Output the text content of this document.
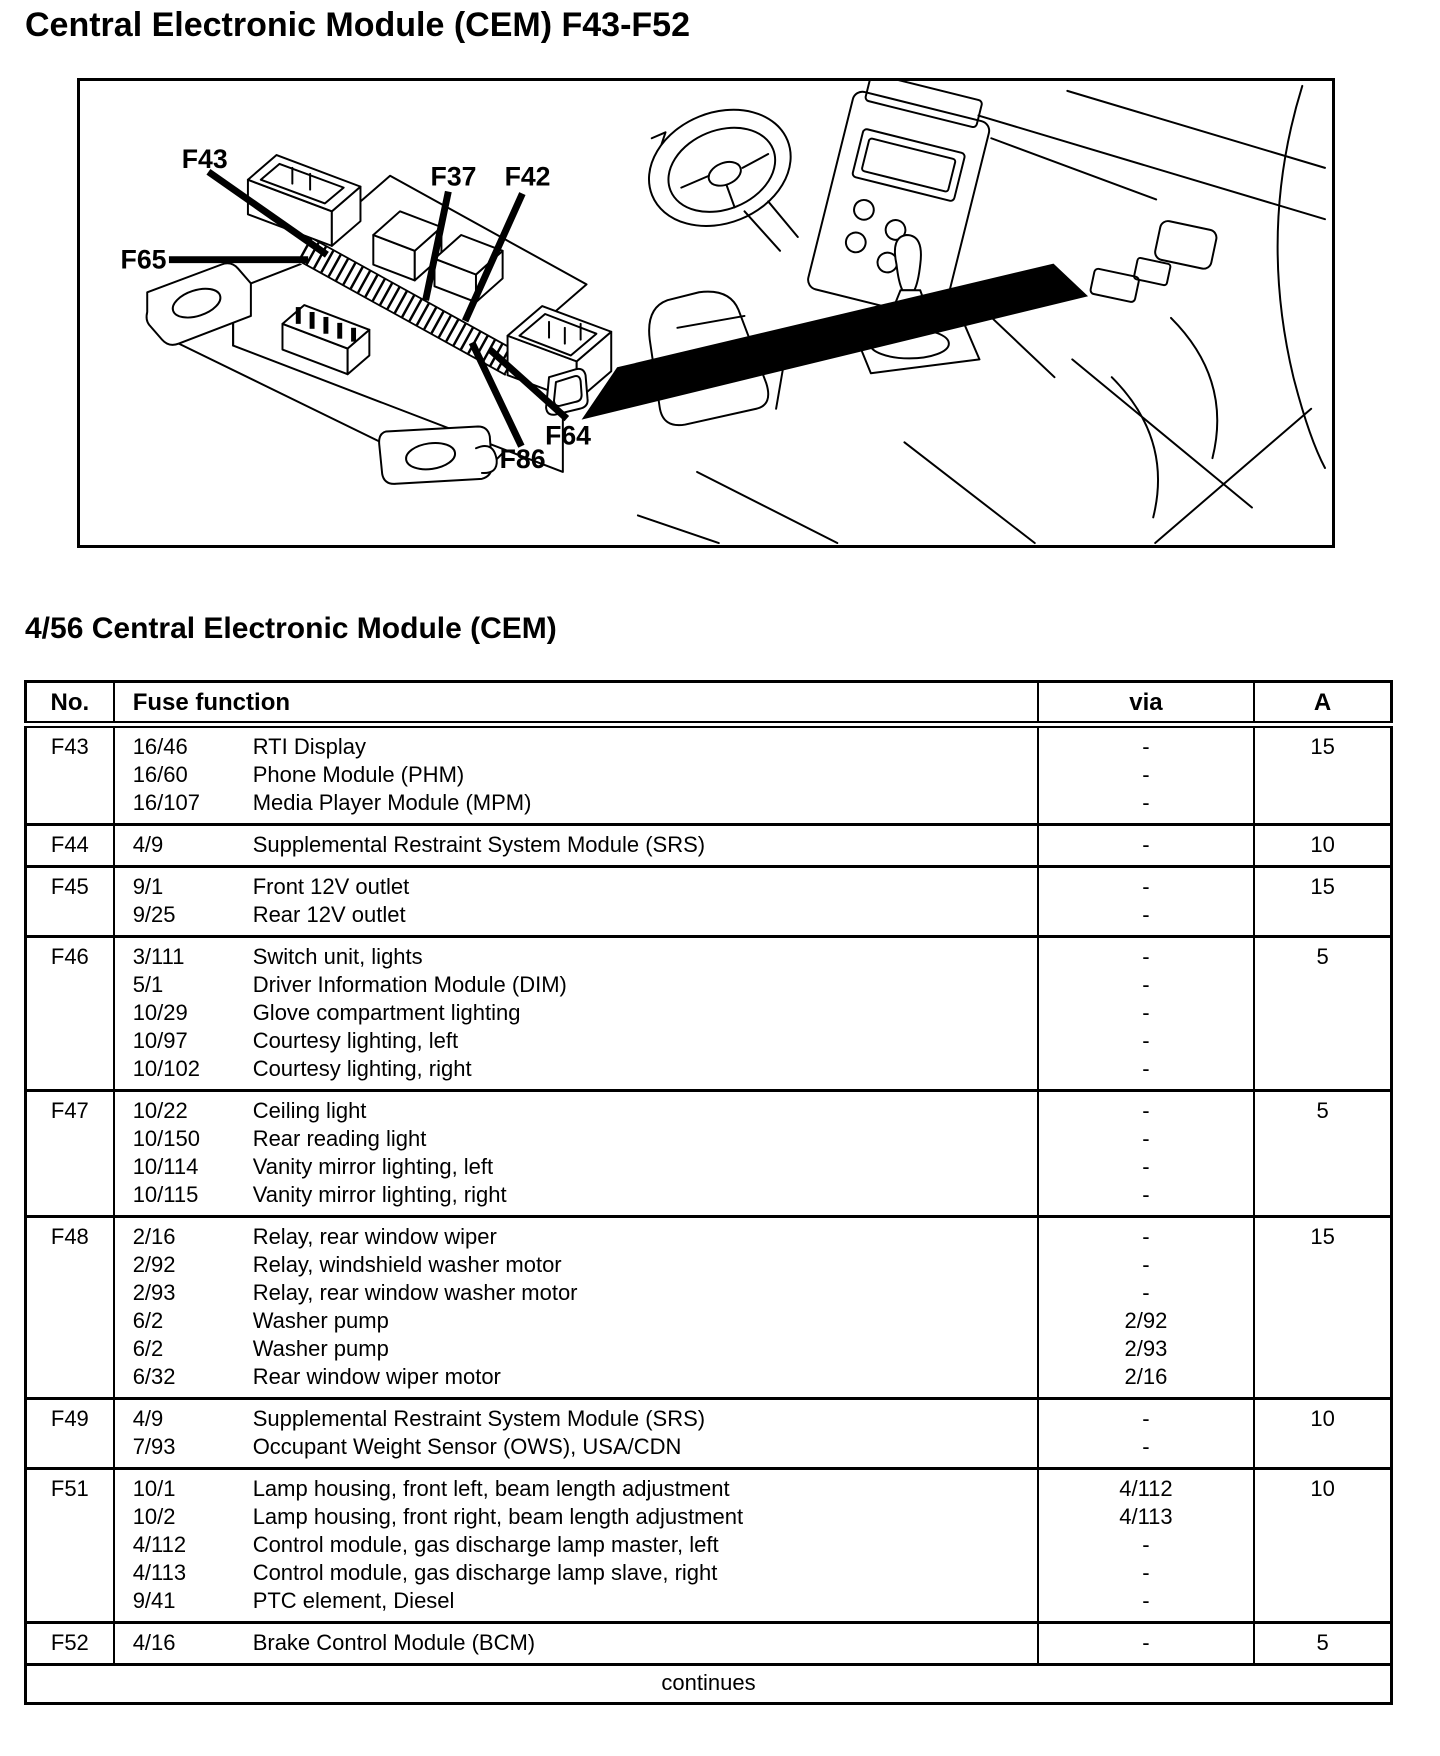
Central Electronic Module (CEM) F43-F52
F43
F37 F42
F65
F64
F86
4/56 Central Electronic Module (CEM)
No.	Fuse function	via	A
F43	16/46 RTI Display	-	15
	16/60 Phone Module (PHM)	-	
	16/107 Media Player Module (MPM)	-	
F44	4/9 Supplemental Restraint System Module (SRS)	-	10
F45	9/1 Front 12V outlet	-	15
	9/25 Rear 12V outlet	-	
F46	3/111 Switch unit, lights	-	5
	5/1 Driver Information Module (DIM)	-	
	10/29 Glove compartment lighting	-	
	10/97 Courtesy lighting, left	-	
	10/102 Courtesy lighting, right	-	
F47	10/22 Ceiling light	-	5
	10/150 Rear reading light	-	
	10/114 Vanity mirror lighting, left	-	
	10/115 Vanity mirror lighting, right	-	
F48	2/16 Relay, rear window wiper	-	15
	2/92 Relay, windshield washer motor	-	
	2/93 Relay, rear window washer motor	-	
	6/2 Washer pump	2/92	
	6/2 Washer pump	2/93	
	6/32 Rear window wiper motor	2/16	
F49	4/9 Supplemental Restraint System Module (SRS)	-	10
	7/93 Occupant Weight Sensor (OWS), USA/CDN	-	
F51	10/1 Lamp housing, front left, beam length adjustment	4/112	10
	10/2 Lamp housing, front right, beam length adjustment	4/113	
	4/112 Control module, gas discharge lamp master, left	-	
	4/113 Control module, gas discharge lamp slave, right	-	
	9/41 PTC element, Diesel	-	
F52	4/16 Brake Control Module (BCM)	-	5
continues			
